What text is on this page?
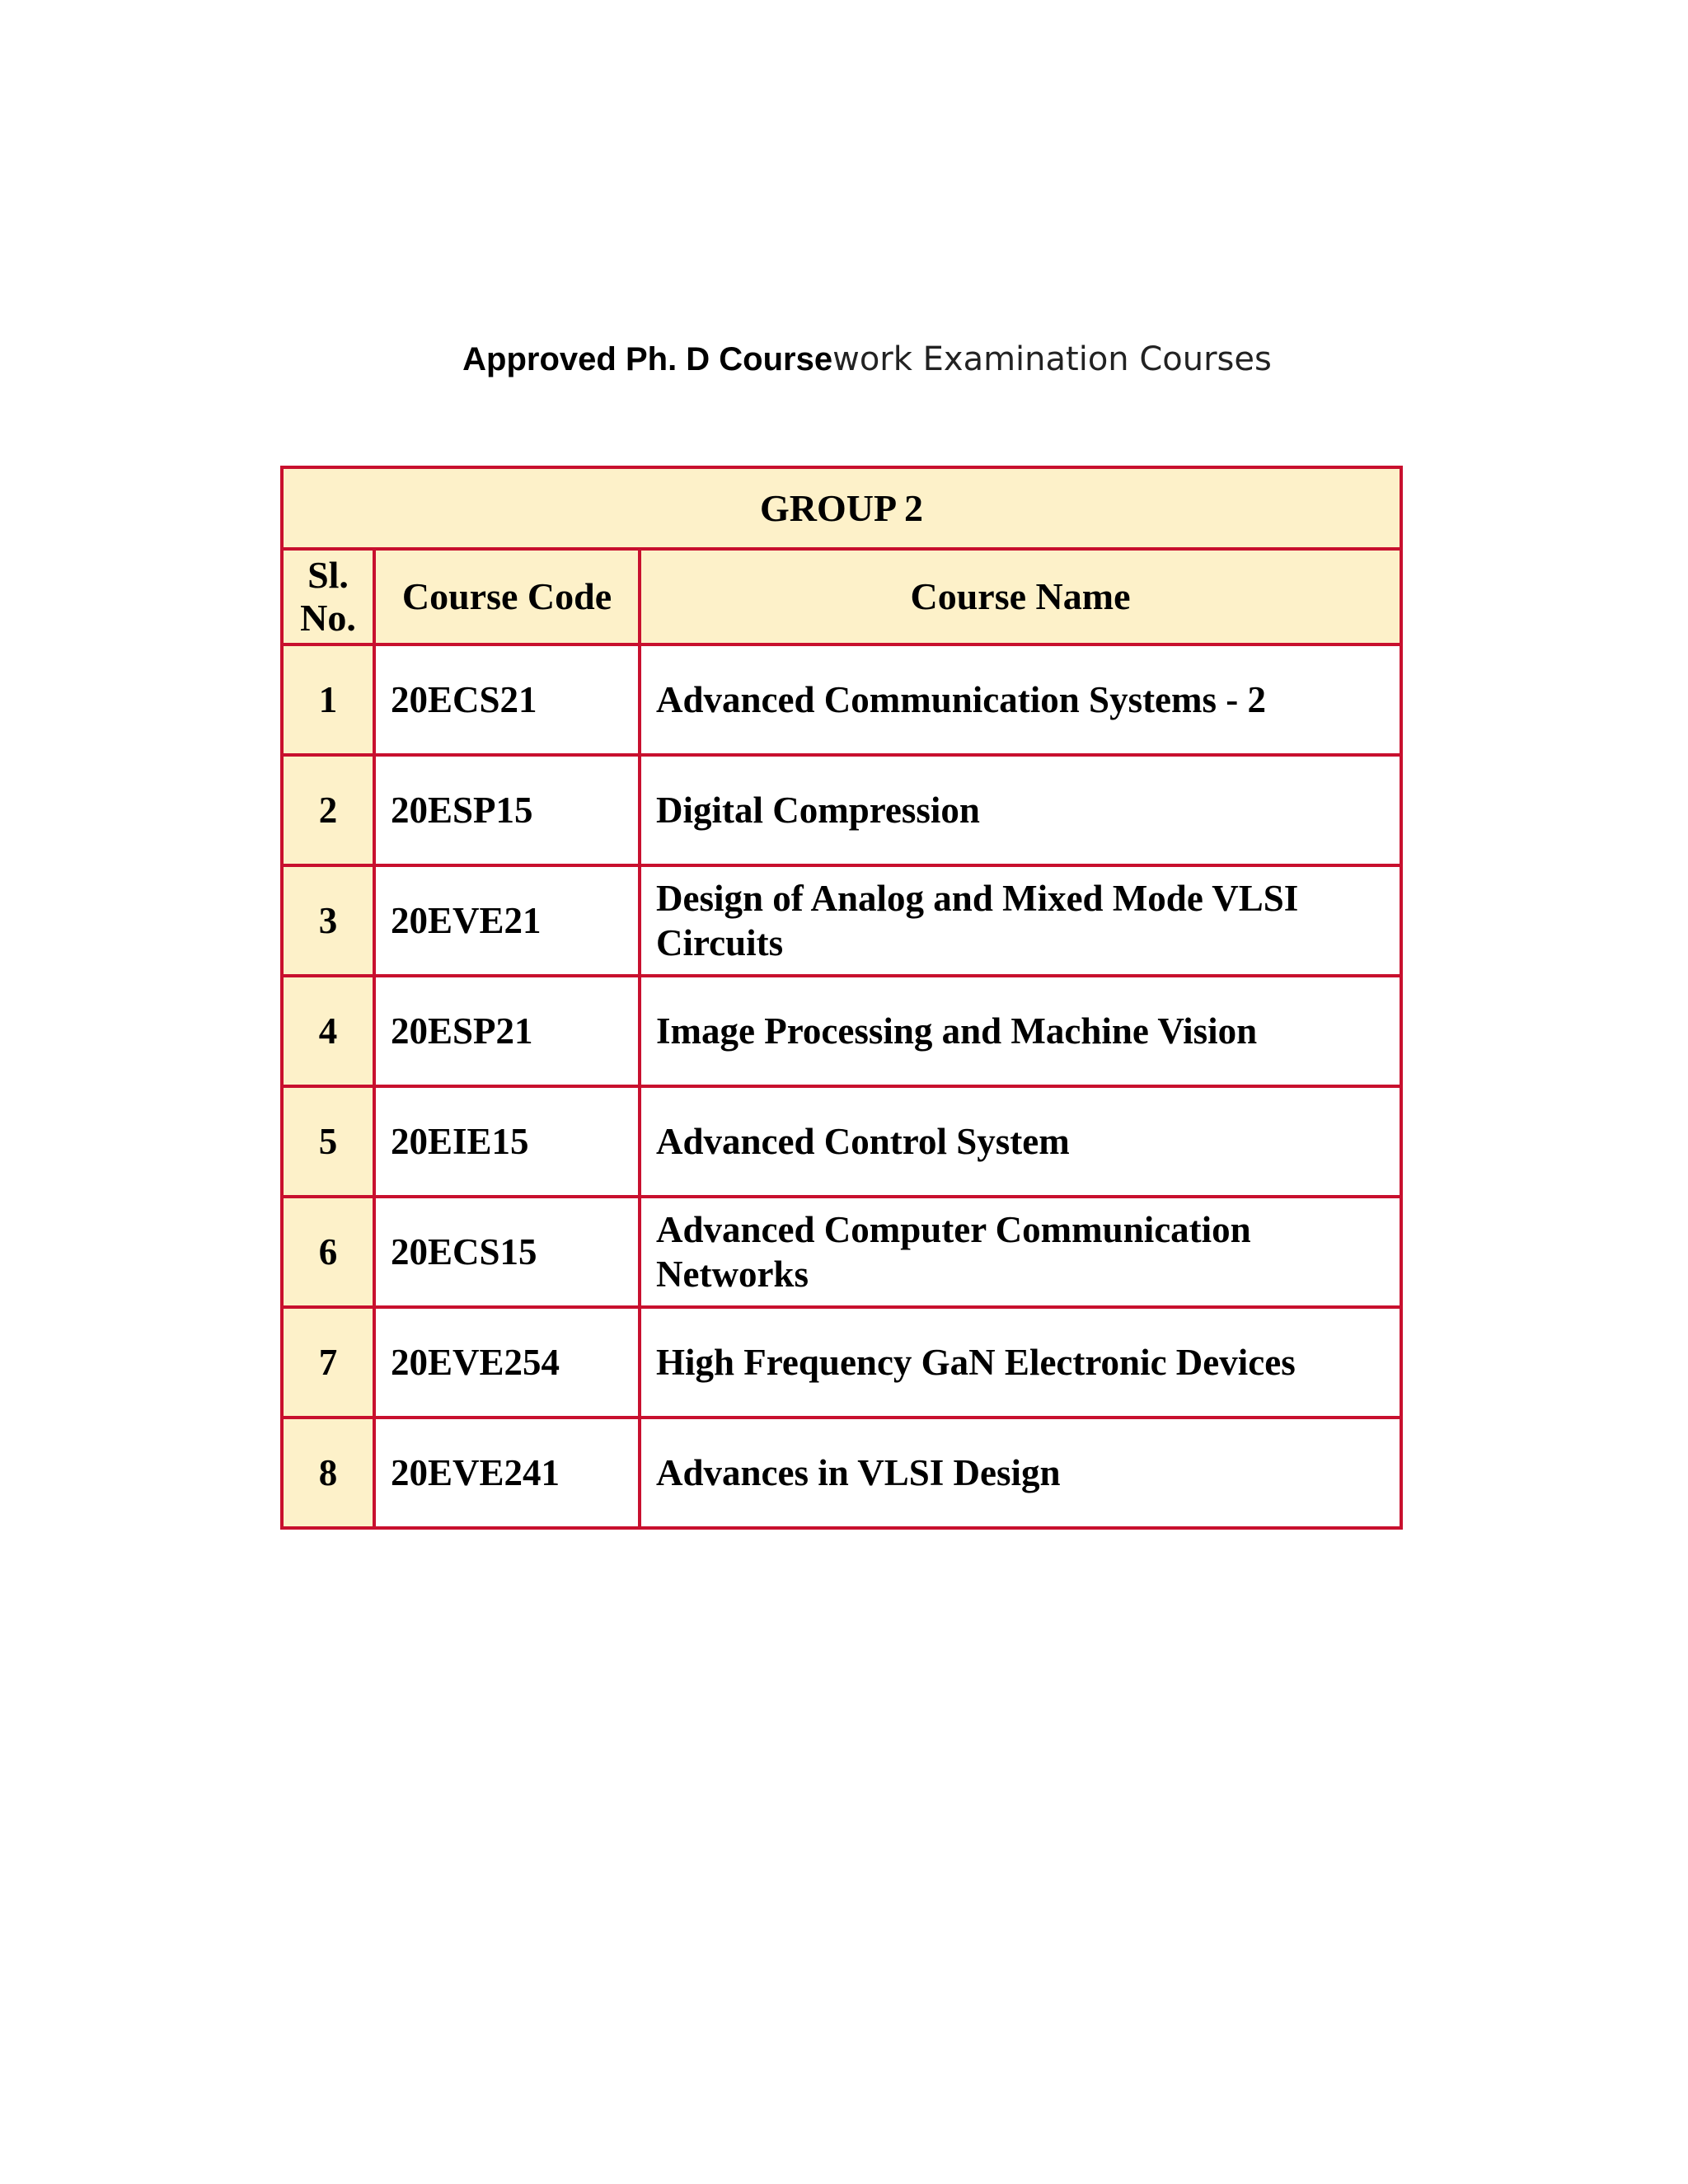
Approved Ph. D Coursework Examination Courses
GROUP 2		

Sl.
No.	Course Code	Course Name
1	20ECS21	Advanced Communication Systems - 2
2	20ESP15	Digital Compression
3	20EVE21	Design of Analog and Mixed Mode VLSI Circuits
4	20ESP21	Image Processing and Machine Vision
5	20EIE15	Advanced Control System
6	20ECS15	Advanced Computer Communication Networks
7	20EVE254	High Frequency GaN Electronic Devices
8	20EVE241	Advances in VLSI Design
